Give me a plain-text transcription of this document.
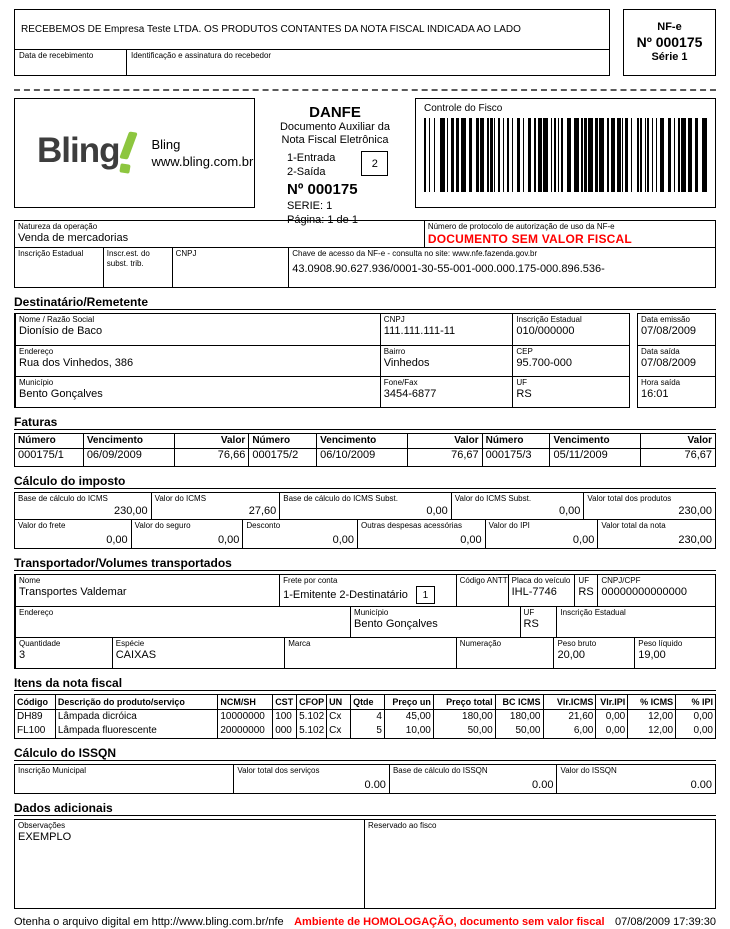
RECEBEMOS DE Empresa Teste LTDA. OS PRODUTOS CONTANTES DA NOTA FISCAL INDICADA AO LADO
Data de recebimento	Identificação e assinatura do recebedor
NF-e
Nº 000175
Série 1
Bling Bling
www.bling.com.br
DANFE
Documento Auxiliar da
Nota Fiscal Eletrônica
1-Entrada
2-Saída
2
Nº 000175
SERIE: 1
Página: 1 de 1
Controle do Fisco
Natureza da operação
Venda de mercadorias
Número de protocolo de autorização de uso da NF-e
DOCUMENTO SEM VALOR FISCAL
Inscrição Estadual	Inscr.est. do subst. trib.
CNPJ	Chave de acesso da NF-e - consulta no site: www.nfe.fazenda.gov.br
43.0908.90.627.936/0001-30-55-001-000.000.175-000.896.536-
Destinatário/Remetente
Nome / Razão Social
Dionísio de Baco
CNPJ
111.111.111-11
Inscrição Estadual
010/000000
Endereço
Rua dos Vinhedos, 386
Bairro
Vinhedos
CEP
95.700-000
Município
Bento Gonçalves
Fone/Fax
3454-6877
UF
RS
Data emissão
07/08/2009
Data saída
07/08/2009
Hora saída
16:01
Faturas
Número	Vencimento	Valor Número	Vencimento	Valor Número	Vencimento	Valor
000175/1	06/09/2009	76,66 000175/2	06/10/2009	76,67 000175/3	05/11/2009	76,67
Cálculo do imposto
Base de cálculo do ICMS
230,00
Valor do ICMS
27,60
Base de cálculo do ICMS Subst.
0,00
Valor do ICMS Subst.
0,00
Valor total dos produtos
230,00
Valor do frete
0,00
Valor do seguro
0,00
Desconto
0,00
Outras despesas acessórias
0,00
Valor do IPI
0,00
Valor total da nota
230,00
Transportador/Volumes transportados
Nome
Transportes Valdemar
Frete por conta
1-Emitente 2-Destinatário	1
Código ANTT Placa do veículo
IHL-7746
UF
RS
CNPJ/CPF
00000000000000
Endereço	Município
Bento Gonçalves
UF
RS
Inscrição Estadual
Quantidade
3
Espécie
CAIXAS
Marca	Numeração	Peso bruto
20,00
Peso líquido
19,00
Itens da nota fiscal
Código	Descrição do produto/serviço	NCM/SH	CST CFOP UN	Qtde	Preço un	Preço total	BC ICMS	Vlr.ICMS Vlr.IPI	% ICMS	% IPI
DH89	Lâmpada dicróica	10000000	100 5.102 Cx	4	45,00	180,00	180,00	21,60	0,00	12,00	0,00
FL100	Lâmpada fluorescente	20000000	000 5.102 Cx	5	10,00	50,00	50,00	6,00	0,00	12,00	0,00
Cálculo do ISSQN
Inscrição Municipal	Valor total dos serviços
0.00
Base de cálculo do ISSQN
0.00
Valor do ISSQN
0.00
Dados adicionais
Observações
EXEMPLO
Reservado ao fisco
Otenha o arquivo digital em http://www.bling.com.br/nfe Ambiente de HOMOLOGAÇÃO, documento sem valor fiscal 07/08/2009 17:39:30
